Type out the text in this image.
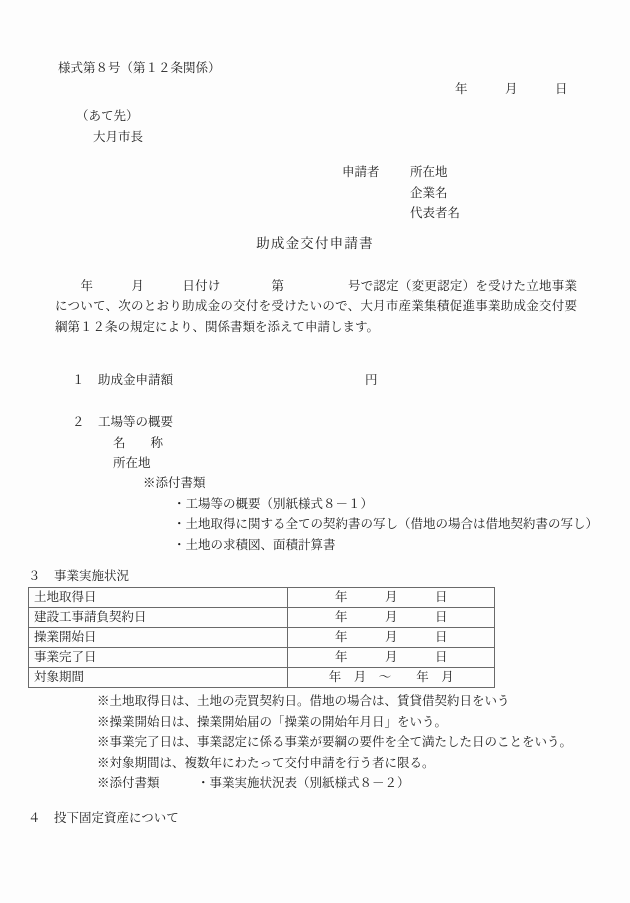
様式第８号（第１２条関係）
年　　　月　　　日
（あて先）
大月市長
申請者 所在地
企業名
代表者名
助成金交付申請書
　　年　　　月　　　日付け　　　　第　　　　　号で認定（変更認定）を受けた立地事業について、次のとおり助成金の交付を受けたいので、大月市産業集積促進事業助成金交付要綱第１２条の規定により、関係書類を添えて申請します。
１ 助成金申請額	円
２ 工場等の概要
名　　称
所在地
※添付書類
・工場等の概要（別紙様式８－１）
・土地取得に関する全ての契約書の写し（借地の場合は借地契約書の写し）
・土地の求積図、面積計算書
３ 事業実施状況
土地取得日	年　　　月　　　日
建設工事請負契約日	年　　　月　　　日
操業開始日	年　　　月　　　日
事業完了日	年　　　月　　　日
対象期間	年　月　～　　年　月
※土地取得日は、土地の売買契約日。借地の場合は、賃貸借契約日をいう
※操業開始日は、操業開始届の「操業の開始年月日」をいう。
※事業完了日は、事業認定に係る事業が要綱の要件を全て満たした日のことをいう。
※対象期間は、複数年にわたって交付申請を行う者に限る。
※添付書類　　　・事業実施状況表（別紙様式８－２）
４ 投下固定資産について
